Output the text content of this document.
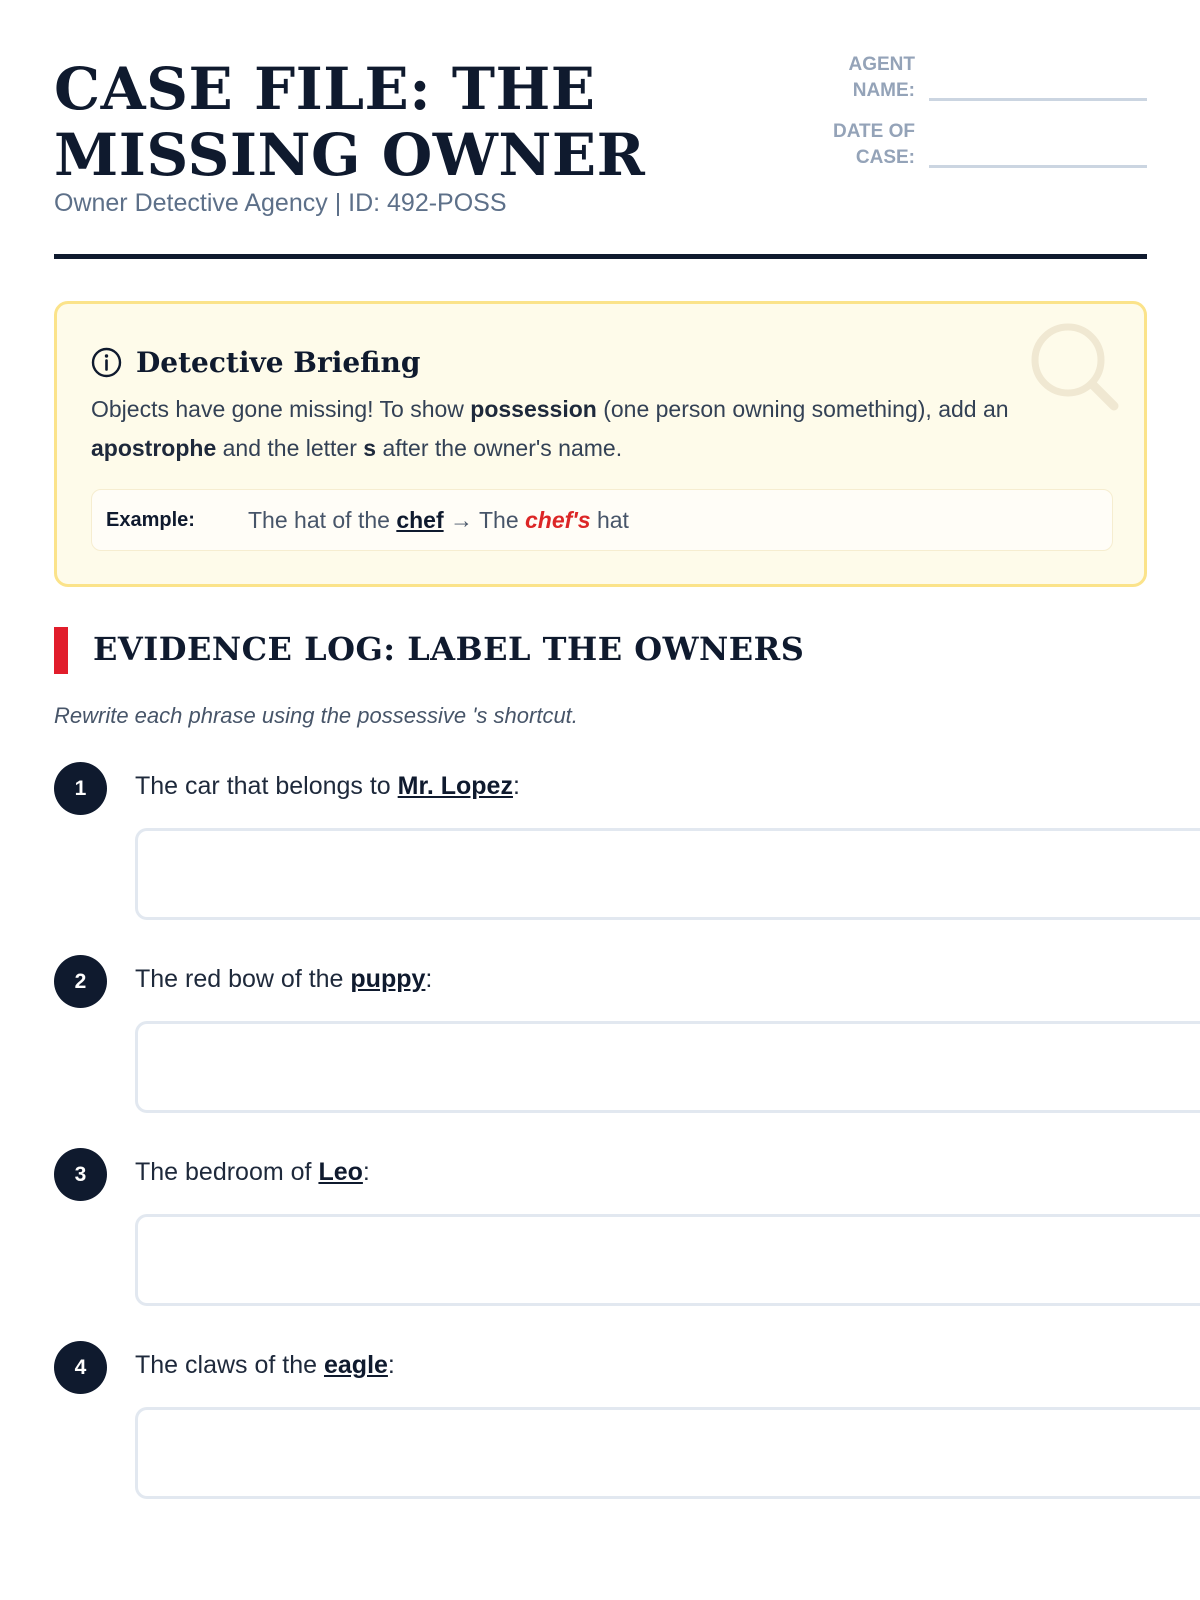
CASE FILE: THE MISSING OWNER
Owner Detective Agency | ID: 492-POSS
AGENT NAME:
DATE OF CASE:
Detective Briefing

Objects have gone missing! To show possession (one person owning something), add an apostrophe and the letter s after the owner's name.

Example: The hat of the chef → The chef's hat
EVIDENCE LOG: LABEL THE OWNERS

Rewrite each phrase using the possessive 's shortcut.

1	The car that belongs to Mr. Lopez:
2	The red bow of the puppy:
3	The bedroom of Leo:
4	The claws of the eagle:
